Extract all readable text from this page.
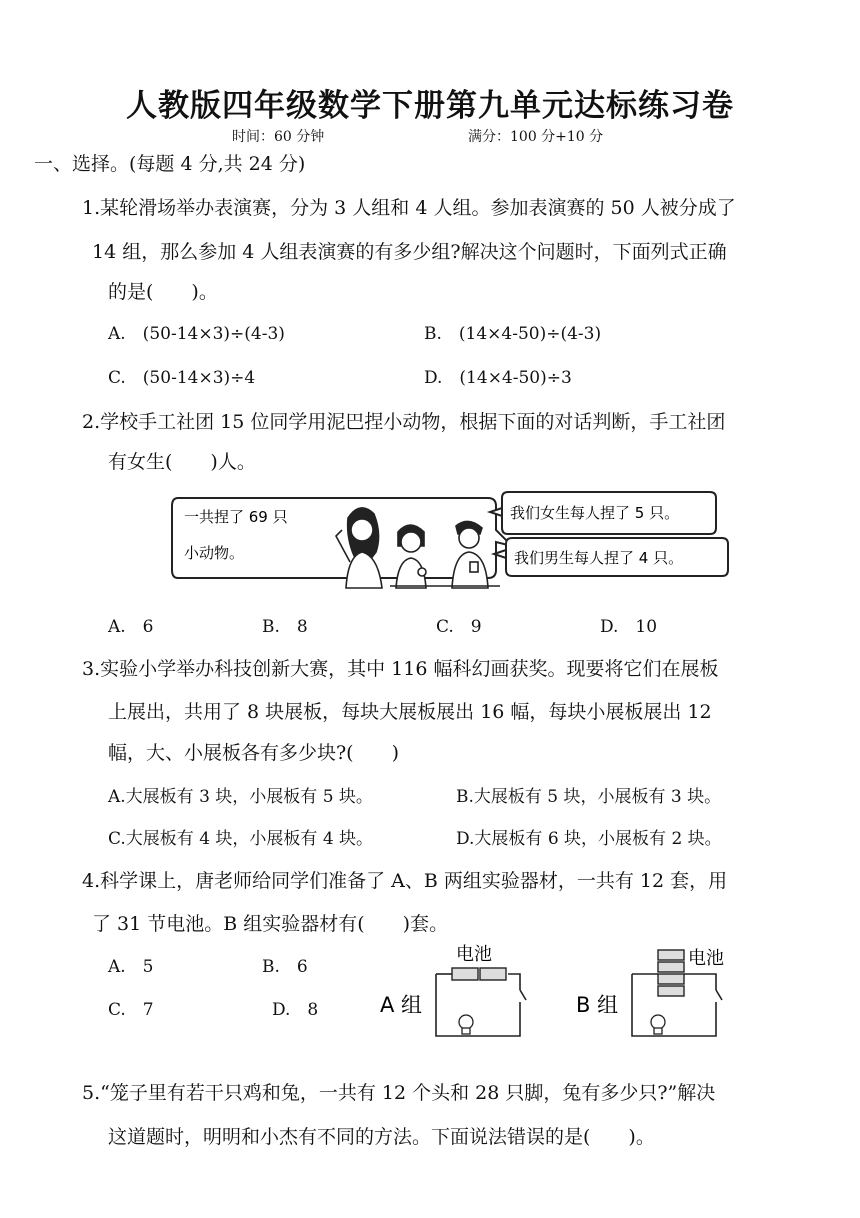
人教版四年级数学下册第九单元达标练习卷
时间：60 分钟	满分：100 分+10 分
一、选择。(每题 4 分,共 24 分)
1.某轮滑场举办表演赛，分为 3 人组和 4 人组。参加表演赛的 50 人被分成了
14 组，那么参加 4 人组表演赛的有多少组?解决这个问题时，下面列式正确
的是(　　)。
A.　(50-14×3)÷(4-3)	B.　(14×4-50)÷(4-3)
C.　(50-14×3)÷4	D.　(14×4-50)÷3
2.学校手工社团 15 位同学用泥巴捏小动物，根据下面的对话判断，手工社团
有女生(　　)人。
一共捏了 69 只
小动物。
我们女生每人捏了 5 只。
我们男生每人捏了 4 只。
A.　6	B.　8	C.　9	D.　10
3.实验小学举办科技创新大赛，其中 116 幅科幻画获奖。现要将它们在展板
上展出，共用了 8 块展板，每块大展板展出 16 幅，每块小展板展出 12
幅，大、小展板各有多少块?(　　)
A.大展板有 3 块，小展板有 5 块。	B.大展板有 5 块，小展板有 3 块。
C.大展板有 4 块，小展板有 4 块。	D.大展板有 6 块，小展板有 2 块。
4.科学课上，唐老师给同学们准备了 A、B 两组实验器材，一共有 12 套，用
了 31 节电池。B 组实验器材有(　　)套。
A.　5	B.　6
C.　7	D.　8	A 组
电池
B 组
电池
5.“笼子里有若干只鸡和兔，一共有 12 个头和 28 只脚，兔有多少只?”解决
这道题时，明明和小杰有不同的方法。下面说法错误的是(　　)。
